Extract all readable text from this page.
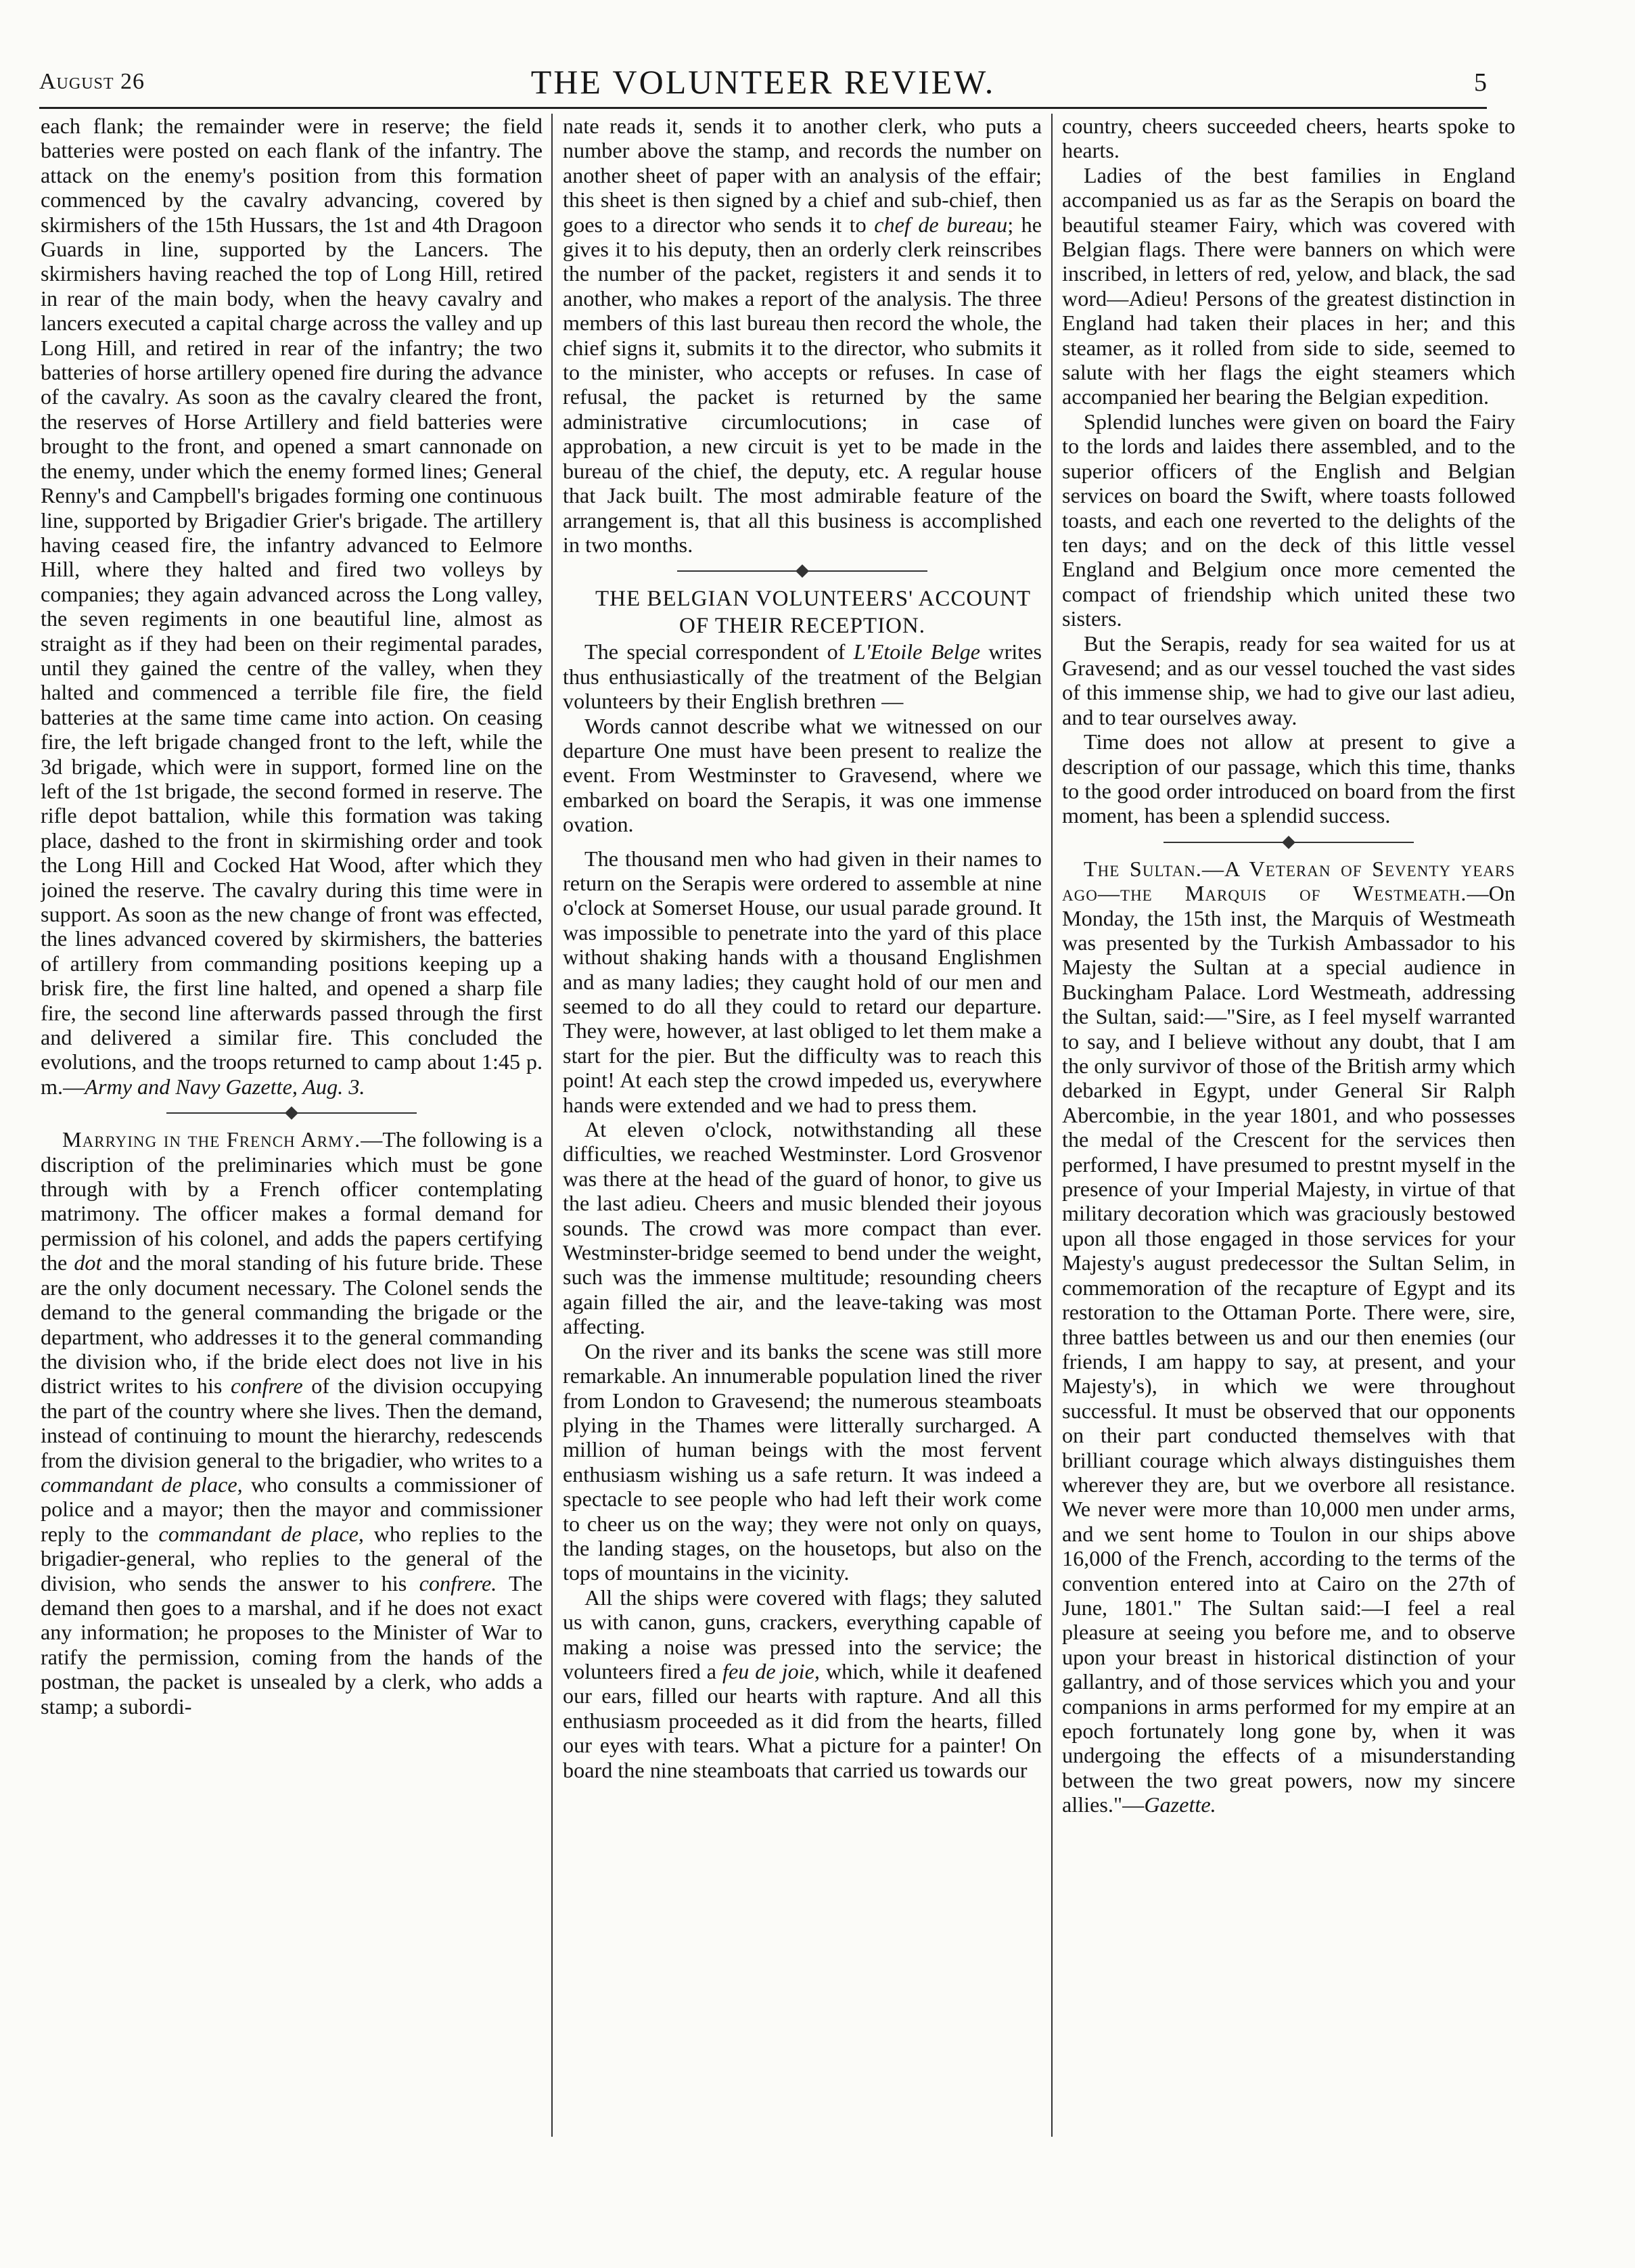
August 26	THE VOLUNTEER REVIEW.	5

each flank; the remainder were in reserve; the field batteries were posted on each flank of the infantry. The attack on the enemy's position from this formation commenced by the cavalry advancing, covered by skirmishers of the 15th Hussars, the 1st and 4th Dragoon Guards in line, supported by the Lancers. The skirmishers having reached the top of Long Hill, retired in rear of the main body, when the heavy cavalry and lancers executed a capital charge across the valley and up Long Hill, and retired in rear of the infantry; the two batteries of horse artillery opened fire during the advance of the cavalry. As soon as the cavalry cleared the front, the reserves of Horse Artillery and field batteries were brought to the front, and opened a smart cannonade on the enemy, under which the enemy formed lines; General Renny's and Campbell's brigades forming one continuous line, supported by Brigadier Grier's brigade. The artillery having ceased fire, the infantry advanced to Eelmore Hill, where they halted and fired two volleys by companies; they again advanced across the Long valley, the seven regiments in one beautiful line, almost as straight as if they had been on their regimental parades, until they gained the centre of the valley, when they halted and commenced a terrible file fire, the field batteries at the same time came into action. On ceasing fire, the left brigade changed front to the left, while the 3d brigade, which were in support, formed line on the left of the 1st brigade, the second formed in reserve. The rifle depot battalion, while this formation was taking place, dashed to the front in skirmishing order and took the Long Hill and Cocked Hat Wood, after which they joined the reserve. The cavalry during this time were in support. As soon as the new change of front was effected, the lines advanced covered by skirmishers, the batteries of artillery from commanding positions keeping up a brisk fire, the first line halted, and opened a sharp file fire, the second line afterwards passed through the first and delivered a similar fire. This concluded the evolutions, and the troops returned to camp about 1:45 p. m.—Army and Navy Gazette, Aug. 3.

Marrying in the French Army.—The following is a discription of the preliminaries which must be gone through with by a French officer contemplating matrimony. The officer makes a formal demand for permission of his colonel, and adds the papers certifying the dot and the moral standing of his future bride. These are the only document necessary. The Colonel sends the demand to the general commanding the brigade or the department, who addresses it to the general commanding the division who, if the bride elect does not live in his district writes to his confrere of the division occupying the part of the country where she lives. Then the demand, instead of continuing to mount the hierarchy, redescends from the division general to the brigadier, who writes to a commandant de place, who consults a commissioner of police and a mayor; then the mayor and commissioner reply to the commandant de place, who replies to the brigadier-general, who replies to the general of the division, who sends the answer to his confrere. The demand then goes to a marshal, and if he does not exact any information; he proposes to the Minister of War to ratify the permission, coming from the hands of the postman, the packet is unsealed by a clerk, who adds a stamp; a subordi-

nate reads it, sends it to another clerk, who puts a number above the stamp, and records the number on another sheet of paper with an analysis of the effair; this sheet is then signed by a chief and sub-chief, then goes to a director who sends it to chef de bureau; he gives it to his deputy, then an orderly clerk reinscribes the number of the packet, registers it and sends it to another, who makes a report of the analysis. The three members of this last bureau then record the whole, the chief signs it, submits it to the director, who submits it to the minister, who accepts or refuses. In case of refusal, the packet is returned by the same administrative circumlocutions; in case of approbation, a new circuit is yet to be made in the bureau of the chief, the deputy, etc. A regular house that Jack built. The most admirable feature of the arrangement is, that all this business is accomplished in two months.

THE BELGIAN VOLUNTEERS' ACCOUNT OF THEIR RECEPTION.

The special correspondent of L'Etoile Belge writes thus enthusiastically of the treatment of the Belgian volunteers by their English brethren —

Words cannot describe what we witnessed on our departure One must have been present to realize the event. From Westminster to Gravesend, where we embarked on board the Serapis, it was one immense ovation.

The thousand men who had given in their names to return on the Serapis were ordered to assemble at nine o'clock at Somerset House, our usual parade ground. It was impossible to penetrate into the yard of this place without shaking hands with a thousand Englishmen and as many ladies; they caught hold of our men and seemed to do all they could to retard our departure. They were, however, at last obliged to let them make a start for the pier. But the difficulty was to reach this point! At each step the crowd impeded us, everywhere hands were extended and we had to press them.

At eleven o'clock, notwithstanding all these difficulties, we reached Westminster. Lord Grosvenor was there at the head of the guard of honor, to give us the last adieu. Cheers and music blended their joyous sounds. The crowd was more compact than ever. Westminster-bridge seemed to bend under the weight, such was the immense multitude; resounding cheers again filled the air, and the leave-taking was most affecting.

On the river and its banks the scene was still more remarkable. An innumerable population lined the river from London to Gravesend; the numerous steamboats plying in the Thames were litterally surcharged. A million of human beings with the most fervent enthusiasm wishing us a safe return. It was indeed a spectacle to see people who had left their work come to cheer us on the way; they were not only on quays, the landing stages, on the housetops, but also on the tops of mountains in the vicinity.

All the ships were covered with flags; they saluted us with canon, guns, crackers, everything capable of making a noise was pressed into the service; the volunteers fired a feu de joie, which, while it deafened our ears, filled our hearts with rapture. And all this enthusiasm proceeded as it did from the hearts, filled our eyes with tears. What a picture for a painter! On board the nine steamboats that carried us towards our

country, cheers succeeded cheers, hearts spoke to hearts.

Ladies of the best families in England accompanied us as far as the Serapis on board the beautiful steamer Fairy, which was covered with Belgian flags. There were banners on which were inscribed, in letters of red, yelow, and black, the sad word—Adieu! Persons of the greatest distinction in England had taken their places in her; and this steamer, as it rolled from side to side, seemed to salute with her flags the eight steamers which accompanied her bearing the Belgian expedition.

Splendid lunches were given on board the Fairy to the lords and laides there assembled, and to the superior officers of the English and Belgian services on board the Swift, where toasts followed toasts, and each one reverted to the delights of the ten days; and on the deck of this little vessel England and Belgium once more cemented the compact of friendship which united these two sisters.

But the Serapis, ready for sea waited for us at Gravesend; and as our vessel touched the vast sides of this immense ship, we had to give our last adieu, and to tear ourselves away.

Time does not allow at present to give a description of our passage, which this time, thanks to the good order introduced on board from the first moment, has been a splendid success.

The Sultan.—A Veteran of Seventy years ago—the Marquis of Westmeath.—On Monday, the 15th inst, the Marquis of Westmeath was presented by the Turkish Ambassador to his Majesty the Sultan at a special audience in Buckingham Palace. Lord Westmeath, addressing the Sultan, said:—"Sire, as I feel myself warranted to say, and I believe without any doubt, that I am the only survivor of those of the British army which debarked in Egypt, under General Sir Ralph Abercombie, in the year 1801, and who possesses the medal of the Crescent for the services then performed, I have presumed to prestnt myself in the presence of your Imperial Majesty, in virtue of that military decoration which was graciously bestowed upon all those engaged in those services for your Majesty's august predecessor the Sultan Selim, in commemoration of the recapture of Egypt and its restoration to the Ottaman Porte. There were, sire, three battles between us and our then enemies (our friends, I am happy to say, at present, and your Majesty's), in which we were throughout successful. It must be observed that our opponents on their part conducted themselves with that brilliant courage which always distinguishes them wherever they are, but we overbore all resistance. We never were more than 10,000 men under arms, and we sent home to Toulon in our ships above 16,000 of the French, according to the terms of the convention entered into at Cairo on the 27th of June, 1801." The Sultan said:—I feel a real pleasure at seeing you before me, and to observe upon your breast in historical distinction of your gallantry, and of those services which you and your companions in arms performed for my empire at an epoch fortunately long gone by, when it was undergoing the effects of a misunderstanding between the two great powers, now my sincere allies."—Gazette.
